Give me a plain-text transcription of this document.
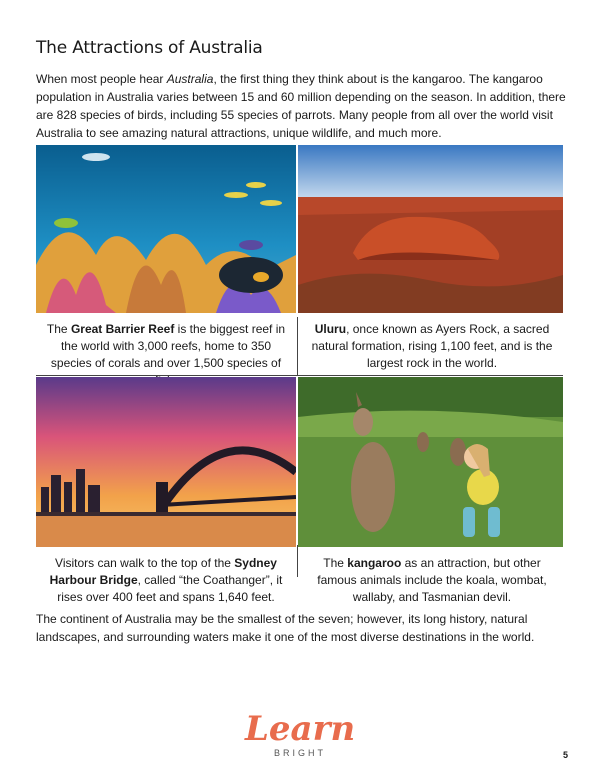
The Attractions of Australia
When most people hear Australia, the first thing they think about is the kangaroo. The kangaroo population in Australia varies between 15 and 60 million depending on the season. In addition, there are 828 species of birds, including 55 species of parrots. Many people from all over the world visit Australia to see amazing natural attractions, unique wildlife, and much more.
The Great Barrier Reef is the biggest reef in the world with 3,000 reefs, home to 350 species of corals and over 1,500 species of
Uluru, once known as Ayers Rock, a sacred natural formation, rising 1,100 feet, and is the largest rock in the world.
Visitors can walk to the top of the Sydney Harbour Bridge, called “the Coathanger”, it rises over 400 feet and spans 1,640 feet.
The kangaroo as an attraction, but other famous animals include the koala, wombat, wallaby, and Tasmanian devil.
The continent of Australia may be the smallest of the seven; however, its long history, natural landscapes, and surrounding waters make it one of the most diverse destinations in the world.
Learn
BRIGHT	5
